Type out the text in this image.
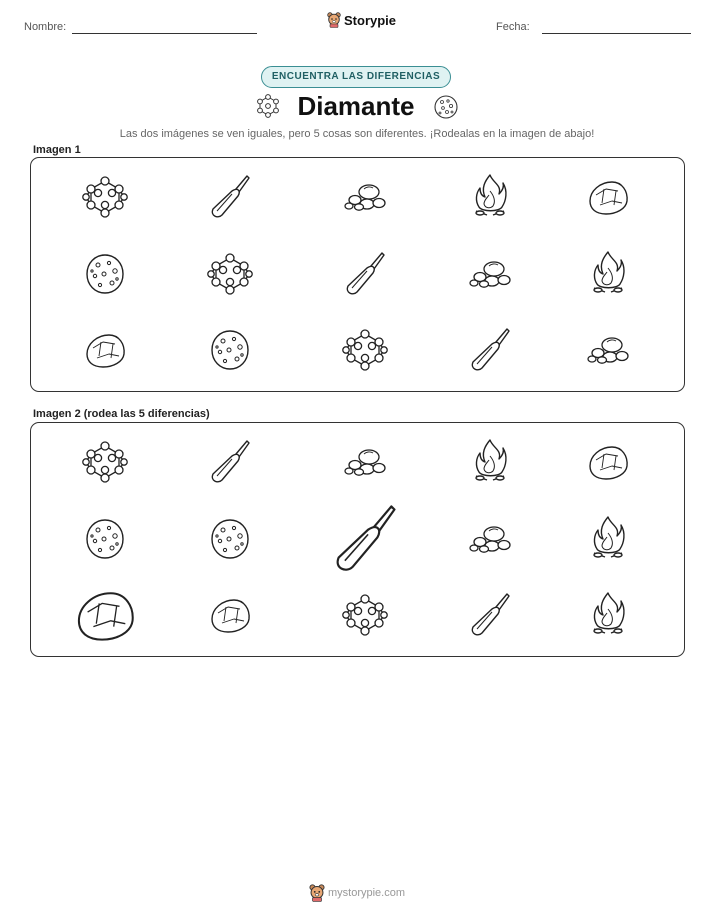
Nombre:	Storypie	Fecha:
ENCUENTRA LAS DIFERENCIAS
Diamante
Las dos imágenes se ven iguales, pero 5 cosas son diferentes. ¡Rodealas en la imagen de abajo!
Imagen 1
Imagen 2 (rodea las 5 diferencias)
mystorypie.com
